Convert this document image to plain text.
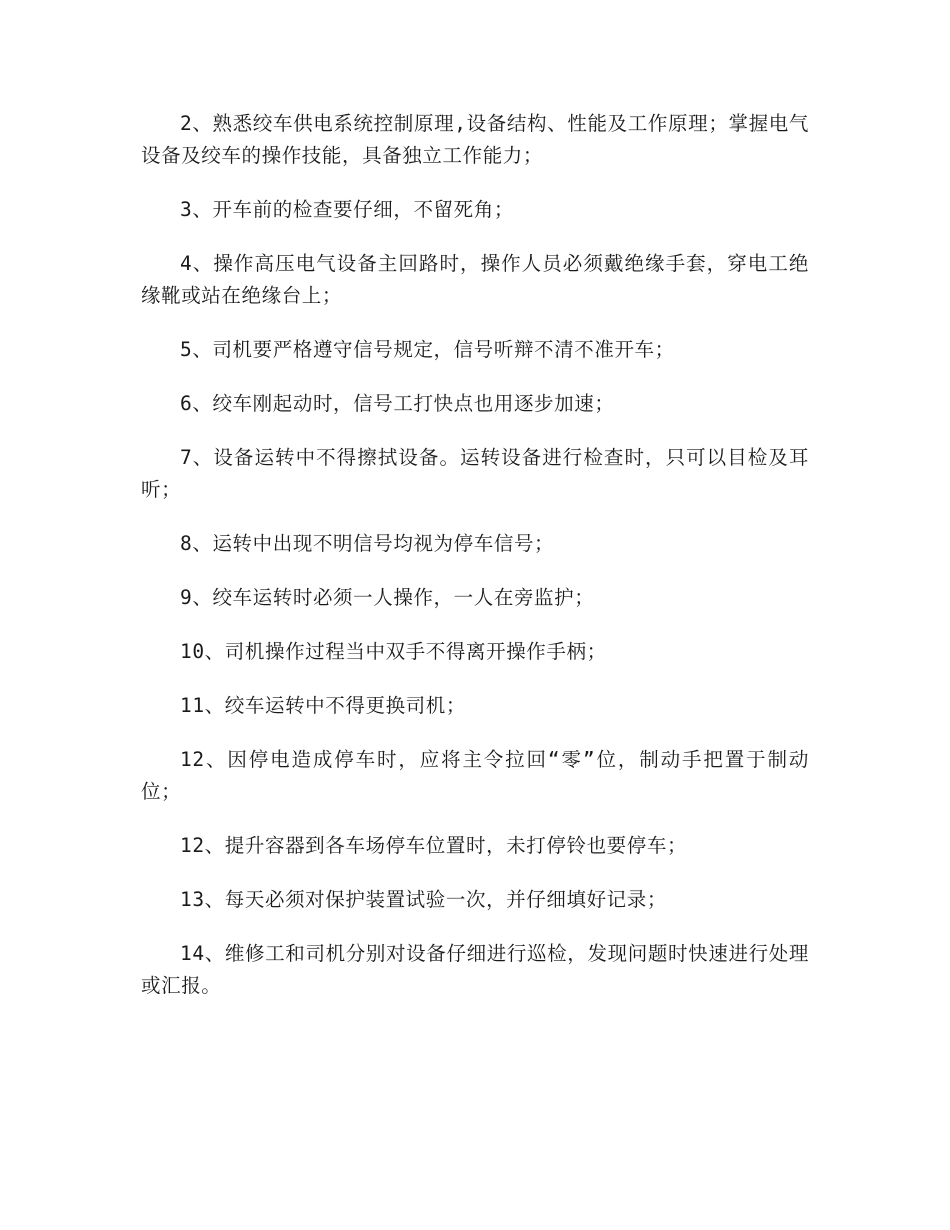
2、熟悉绞车供电系统控制原理,设备结构、性能及工作原理；掌握电气设备及绞车的操作技能，具备独立工作能力；

3、开车前的检查要仔细，不留死角；

4、操作高压电气设备主回路时，操作人员必须戴绝缘手套，穿电工绝缘靴或站在绝缘台上；

5、司机要严格遵守信号规定，信号听辩不清不准开车；

6、绞车刚起动时，信号工打快点也用逐步加速；

7、设备运转中不得擦拭设备。运转设备进行检查时，只可以目检及耳听；

8、运转中出现不明信号均视为停车信号；

9、绞车运转时必须一人操作，一人在旁监护；

10、司机操作过程当中双手不得离开操作手柄；

11、绞车运转中不得更换司机；

12、因停电造成停车时，应将主令拉回“零”位，制动手把置于制动位；

12、提升容器到各车场停车位置时，未打停铃也要停车；

13、每天必须对保护装置试验一次，并仔细填好记录；

14、维修工和司机分别对设备仔细进行巡检，发现问题时快速进行处理或汇报。
